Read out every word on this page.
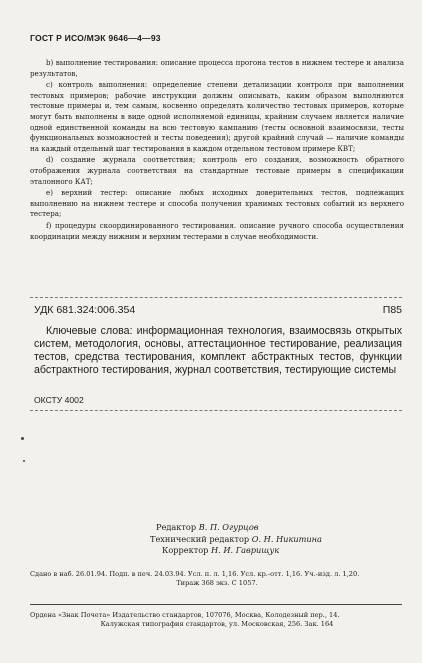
ГОСТ Р ИСО/МЭК 9646—4—93

b) выполнение тестирования: описание процесса прогона тестов в нижнем тестере и анализа результатов,

c) контроль выполнения: определение степени детализации контроля при выполнении тестовых примеров; рабочие инструкции должны описывать, каким образом выполняются тестовые примеры и, тем самым, косвенно определять количество тестовых примеров, которые могут быть выполнены в виде одной исполняемой единицы, крайним случаем является наличие одной единственной команды на всю тестовую кампанию (тесты основной взаимосвязи, тесты функциональных возможностей и тесты поведения); другой крайний случай — наличие команды на каждый отдельный шаг тестирования в каждом отдельном тестовом примере КВТ;

d) создание журнала соответствия; контроль его создания, возможность обратного отображения журнала соответствия на стандартные тестовые примеры в спецификации эталонного КАТ;

e) верхний тестер: описание любых исходных доверительных тестов, подлежащих выполнению на нижнем тестере и способа получения хранимых тестовых событий из верхнего тестера;

f) процедуры скоординированного тестирования. описание ручного способа осуществления координации между нижним и верхним тестерами в случае необходимости.

УДК 681.324:006.354	П85

Ключевые слова: информационная технология, взаимосвязь открытых систем, методология, основы, аттестационное тестирование, реализация тестов, средства тестирования, комплект абстрактных тестов, функции абстрактного тестирования, журнал соответствия, тестирующие системы

ОКСТУ 4002
Редактор В. П. Огурцов
Технический редактор О. Н. Никитина
Корректор Н. И. Гаврищук
Сдано в наб. 26.01.94. Подп. в печ. 24.03.94. Усл. п. л. 1,16. Усл. кр.-отт. 1,16. Уч.-изд. л. 1,20.
Тираж 368 экз. С 1057.
Ордена «Знак Почета» Издательство стандартов, 107076, Москва, Колодезный пер., 14.
Калужская типография стандартов, ул. Московская, 256. Зак. 164
